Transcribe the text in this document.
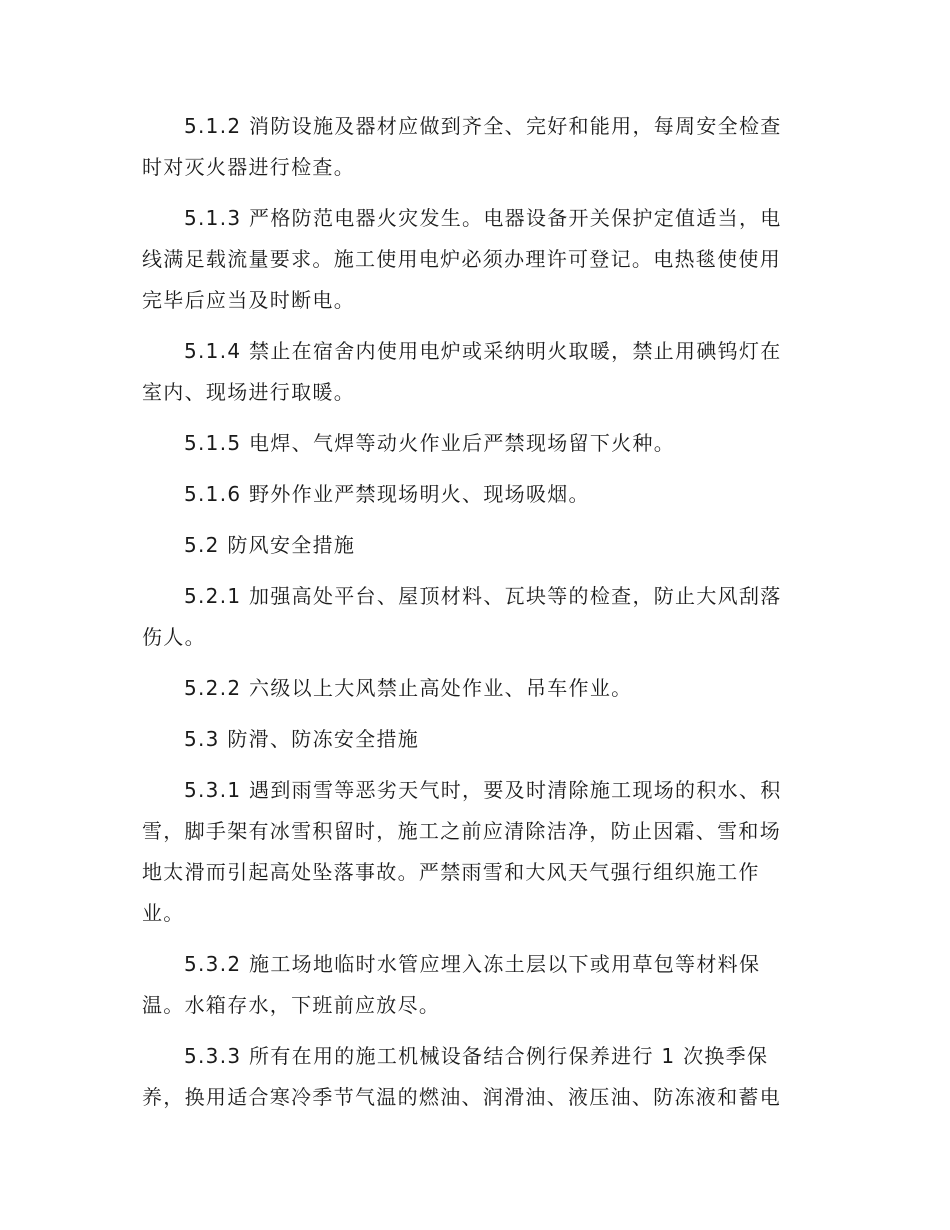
5.1.2 消防设施及器材应做到齐全、完好和能用，每周安全检查时对灭火器进行检查。

5.1.3 严格防范电器火灾发生。电器设备开关保护定值适当，电线满足载流量要求。施工使用电炉必须办理许可登记。电热毯使使用完毕后应当及时断电。

5.1.4 禁止在宿舍内使用电炉或采纳明火取暖，禁止用碘钨灯在室内、现场进行取暖。

5.1.5 电焊、气焊等动火作业后严禁现场留下火种。

5.1.6 野外作业严禁现场明火、现场吸烟。

5.2 防风安全措施

5.2.1 加强高处平台、屋顶材料、瓦块等的检查，防止大风刮落伤人。

5.2.2 六级以上大风禁止高处作业、吊车作业。

5.3 防滑、防冻安全措施

5.3.1 遇到雨雪等恶劣天气时，要及时清除施工现场的积水、积雪，脚手架有冰雪积留时，施工之前应清除洁净，防止因霜、雪和场地太滑而引起高处坠落事故。严禁雨雪和大风天气强行组织施工作业。

5.3.2 施工场地临时水管应埋入冻土层以下或用草包等材料保温。水箱存水，下班前应放尽。

5.3.3 所有在用的施工机械设备结合例行保养进行 1 次换季保养，换用适合寒冷季节气温的燃油、润滑油、液压油、防冻液和蓄电
